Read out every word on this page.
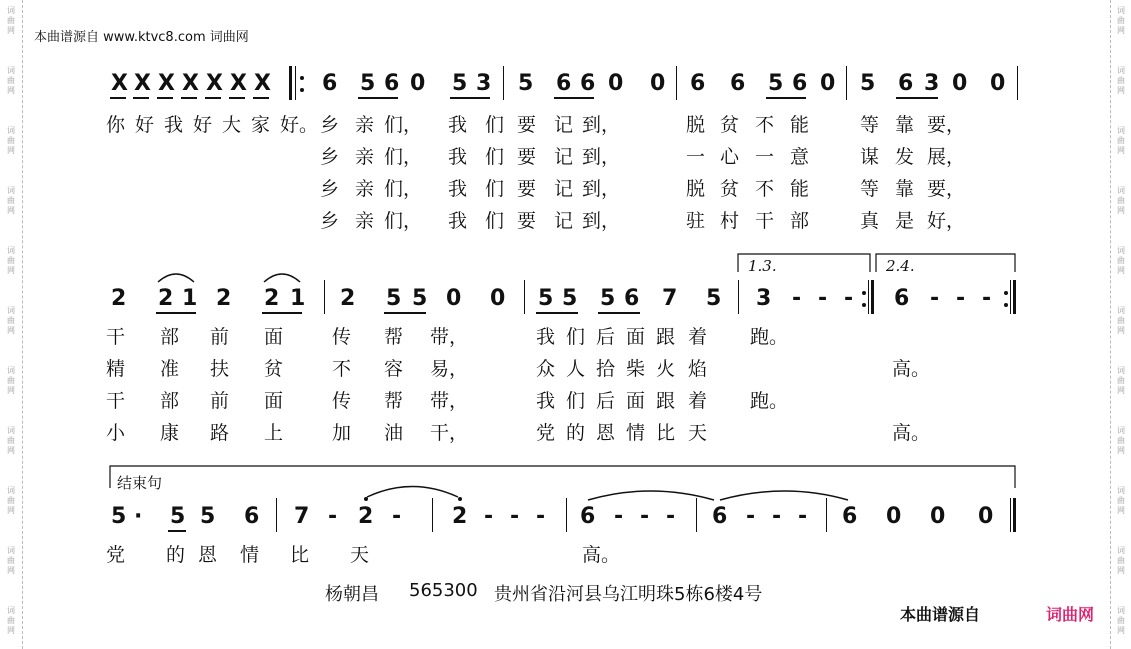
词
曲
网
词
曲
网
词
曲
网
词
曲
网
词
曲
网
词
曲
网
词
曲
网
词
曲
网
词
曲
网
词
曲
网
词
曲
网
词
曲
网
词
曲
网
词
曲
网
词
曲
网
词
曲
网
词
曲
网
词
曲
网
词
曲
网
词
曲
网
词
曲
网
词
曲
网
本曲谱源自 www.ktvc8.com 词曲网
X X X X X X X 6 5 6 0 5 3 5 6 6 0 0 6 6 5 6 0 5 6 3 0 0
你 好 我 好 大 家 好。 乡 亲 们， 我 们 要 记 到，	脱 贫 不 能	等 靠 要，
乡 亲 们， 我 们 要 记 到，	一 心 一 意	谋 发 展，
乡 亲 们， 我 们 要 记 到，	脱 贫 不 能	等 靠 要，
乡 亲 们， 我 们 要 记 到，	驻 村 干 部	真 是 好，
2 2 1 2 2 1 2 5 5 0 0 5 5 5 6 7 5 3 - - - 6 - - -
1.3.	2.4.
干 部 前 面	传 帮 带，	我 们 后 面 跟 着 跑。
精 准 扶 贫	不 容 易，	众 人 拾 柴 火 焰	高。
干 部 前 面	传 帮 带，	我 们 后 面 跟 着 跑。
小 康 路 上	加 油 干，	党 的 恩 情 比 天	高。
结束句
5 · 5 5 6 7 - 2 - 2 - - - 6 - - - 6 - - - 6 0 0 0
党 的 恩 情 比 天	高。
杨朝昌 565300 贵州省沿河县乌江明珠5栋6楼4号
本曲谱源自	词曲网
